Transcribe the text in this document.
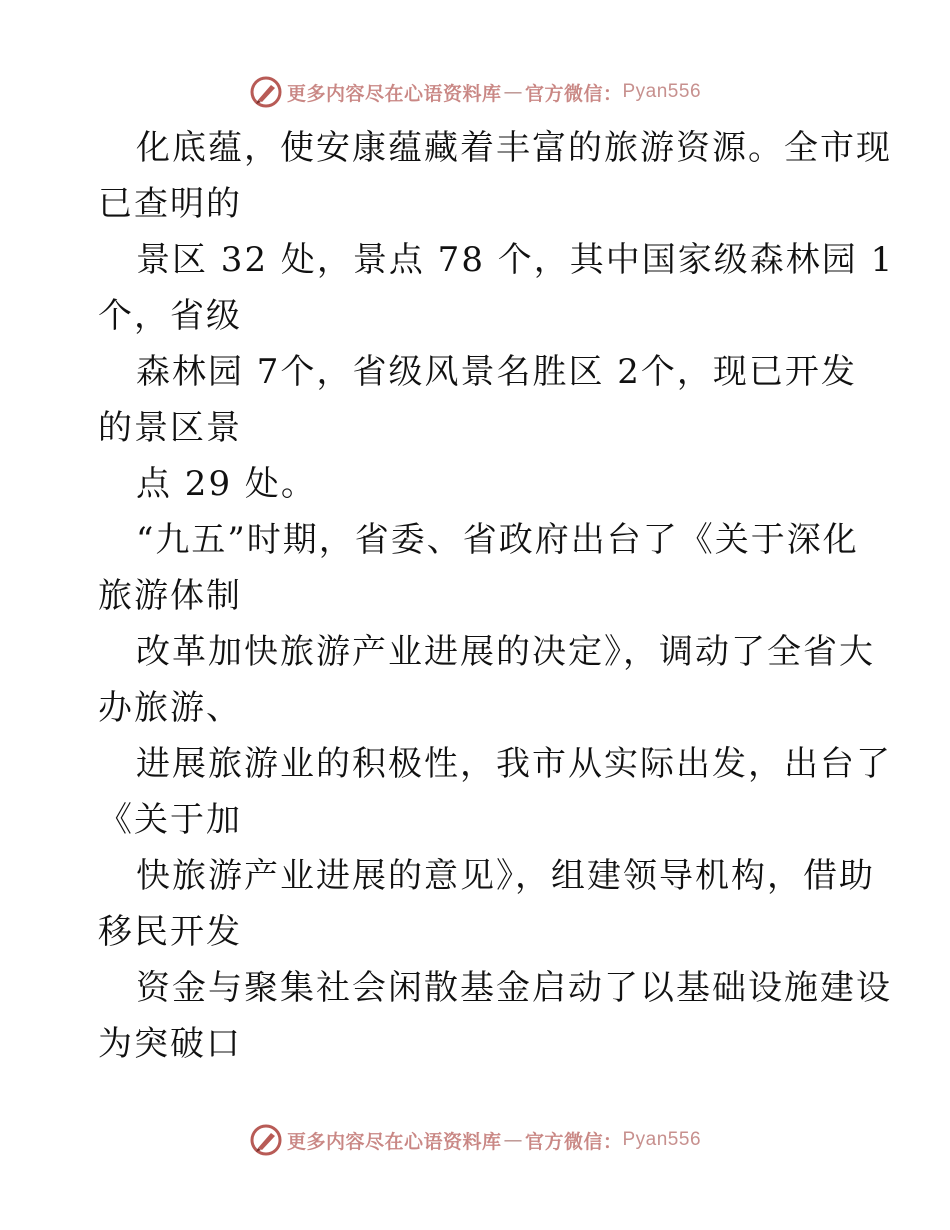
更多内容尽在心语资料库 — 官方微信： Pyan556
化底蕴，使安康蕴藏着丰富的旅游资源。全市现
已查明的
景区 32 处，景点 78 个，其中国家级森林园 1
个，省级
森林园 7个，省级风景名胜区 2个，现已开发
的景区景
点 29 处。
“九五”时期，省委、省政府出台了《关于深化
旅游体制
改革加快旅游产业进展的决定》，调动了全省大
办旅游、
进展旅游业的积极性，我市从实际出发，出台了
《关于加
快旅游产业进展的意见》，组建领导机构，借助
移民开发
资金与聚集社会闲散基金启动了以基础设施建设
为突破口
更多内容尽在心语资料库 — 官方微信： Pyan556
